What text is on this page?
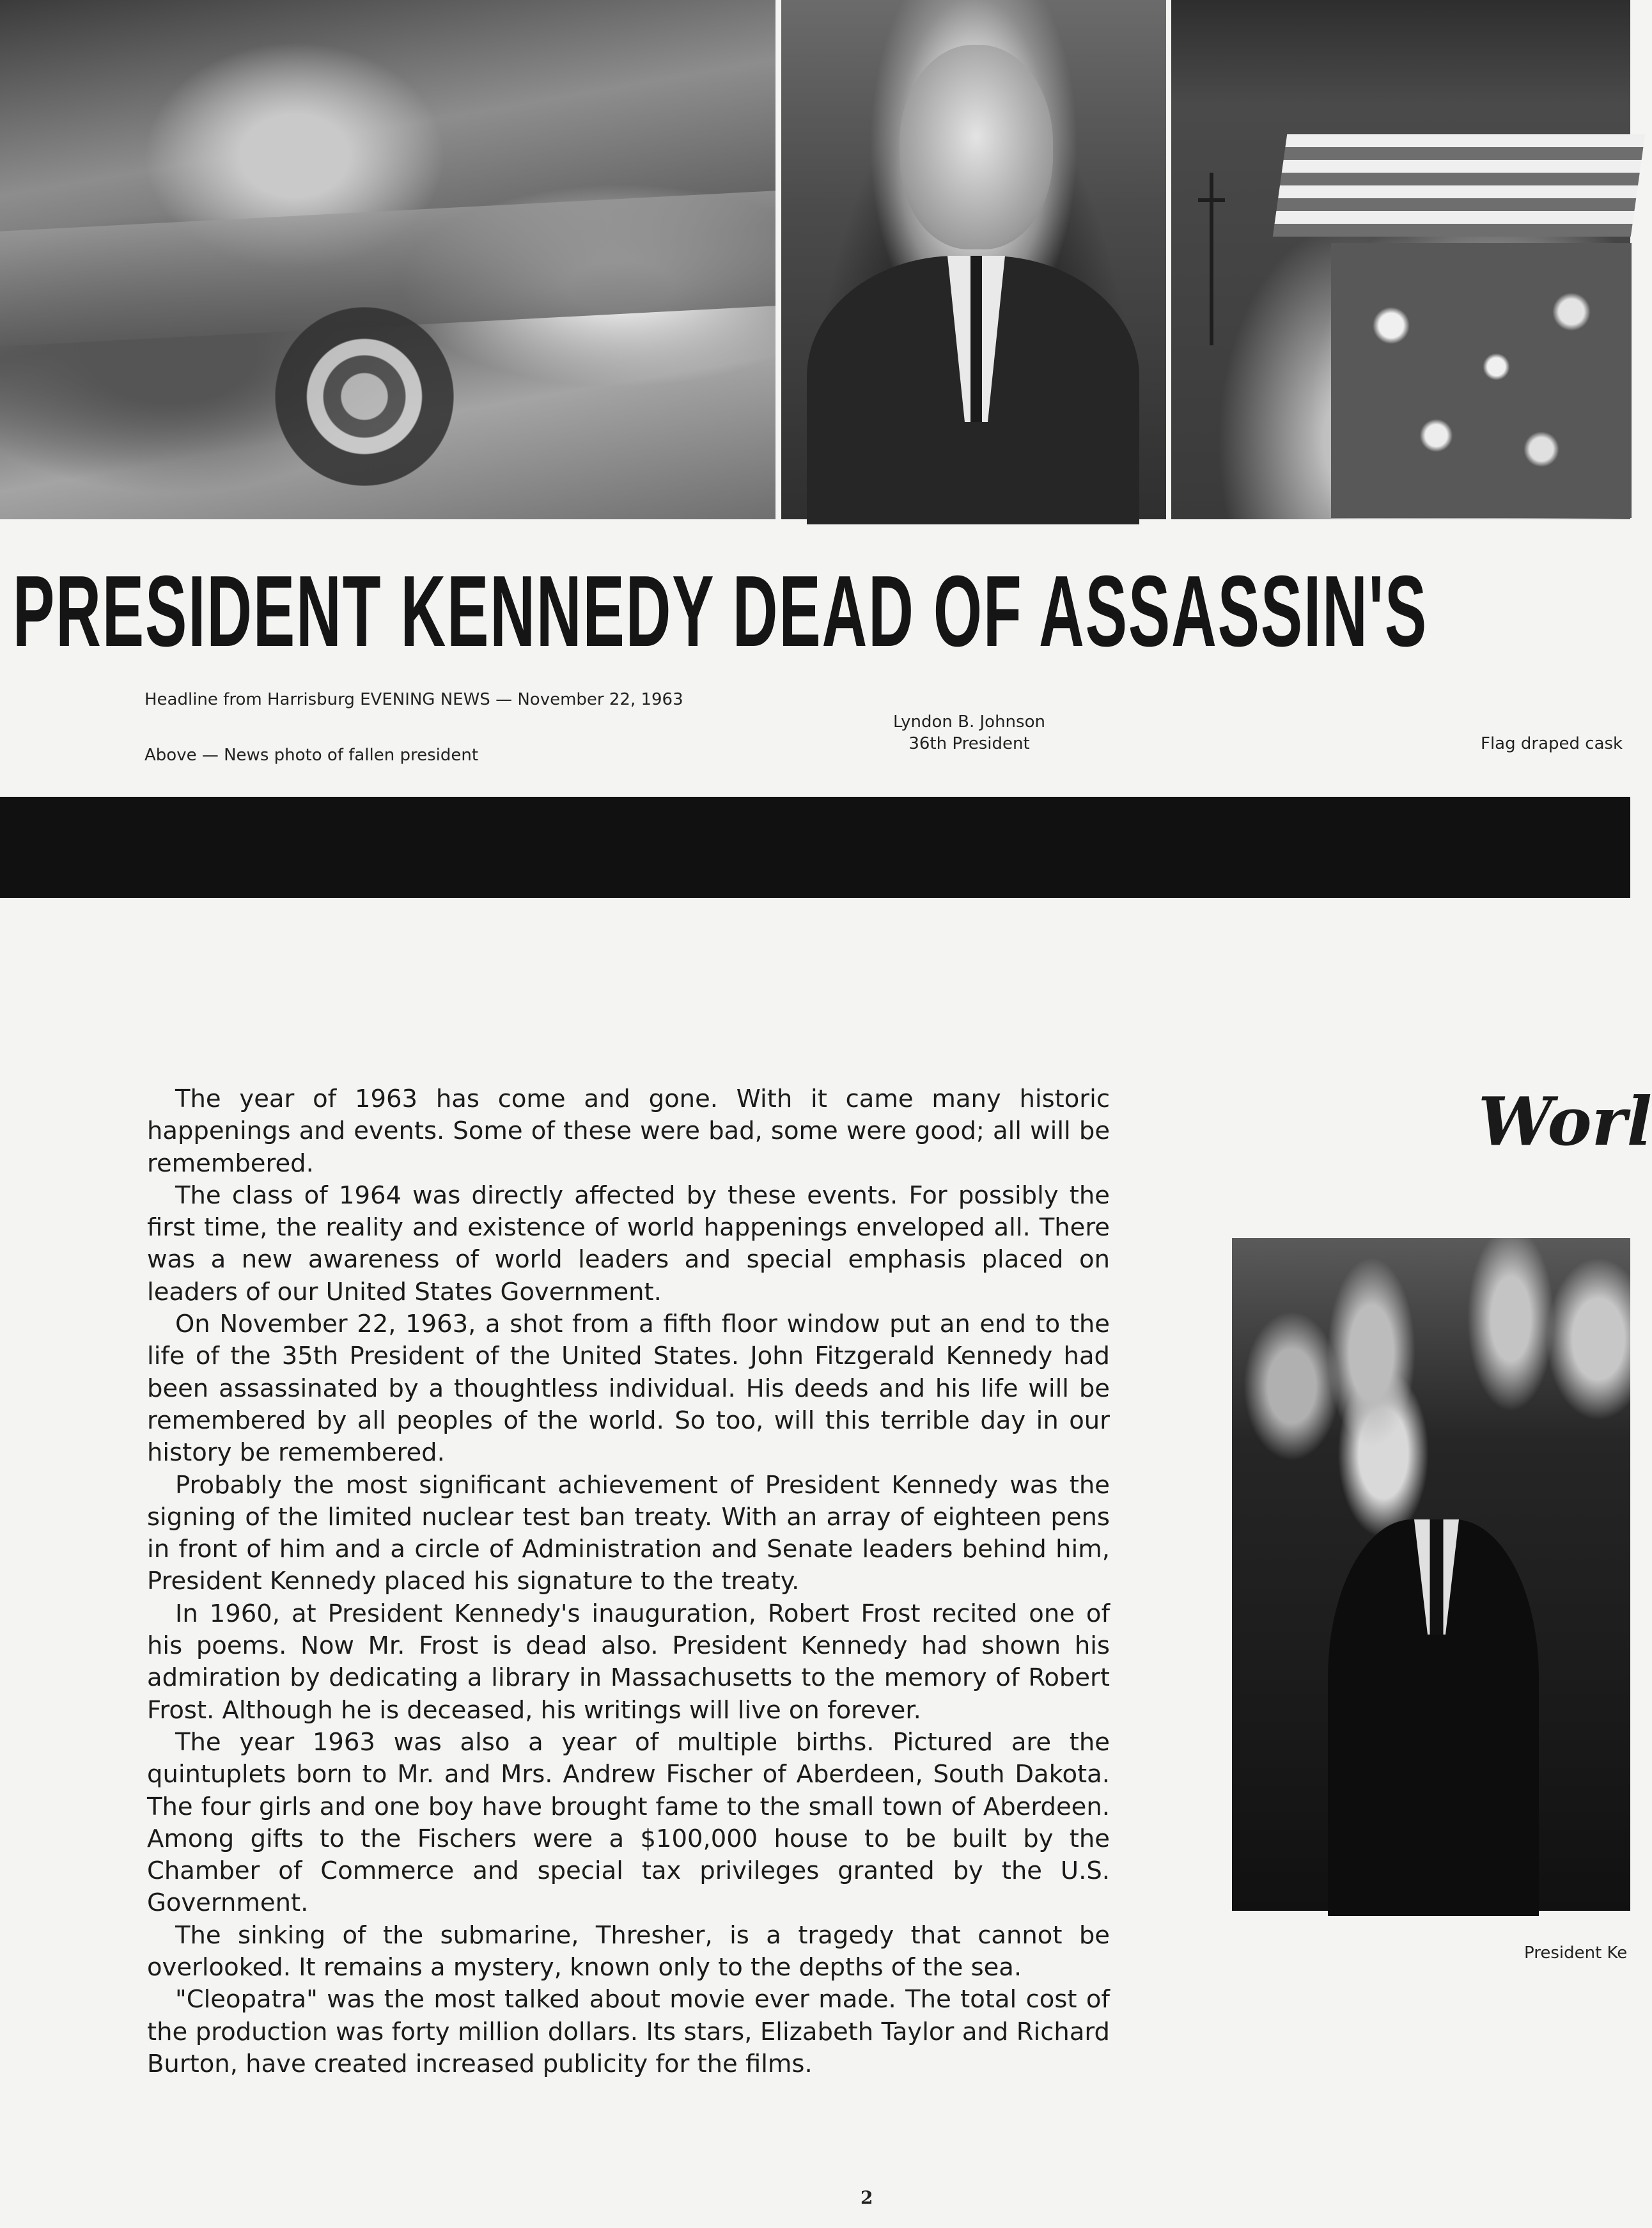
PRESIDENT KENNEDY DEAD OF ASSASSIN'S
Headline from Harrisburg EVENING NEWS — November 22, 1963
Above — News photo of fallen president
Lyndon B. Johnson
36th President	Flag draped cask

The year of 1963 has come and gone. With it came many historic happenings and events. Some of these were bad, some were good; all will be remembered.

The class of 1964 was directly affected by these events. For possibly the first time, the reality and existence of world happenings enveloped all. There was a new awareness of world leaders and special emphasis placed on leaders of our United States Government.

On November 22, 1963, a shot from a fifth floor window put an end to the life of the 35th President of the United States. John Fitzgerald Kennedy had been assassinated by a thoughtless individual. His deeds and his life will be remembered by all peoples of the world. So too, will this terrible day in our history be remembered.

Probably the most significant achievement of President Kennedy was the signing of the limited nuclear test ban treaty. With an array of eighteen pens in front of him and a circle of Administration and Senate leaders behind him, President Kennedy placed his signature to the treaty.

In 1960, at President Kennedy's inauguration, Robert Frost recited one of his poems. Now Mr. Frost is dead also. President Kennedy had shown his admiration by dedicating a library in Massachusetts to the memory of Robert Frost. Although he is deceased, his writings will live on forever.

The year 1963 was also a year of multiple births. Pictured are the quintuplets born to Mr. and Mrs. Andrew Fischer of Aberdeen, South Dakota. The four girls and one boy have brought fame to the small town of Aberdeen. Among gifts to the Fischers were a $100,000 house to be built by the Chamber of Commerce and special tax privileges granted by the U.S. Government.

The sinking of the submarine, Thresher, is a tragedy that cannot be overlooked. It remains a mystery, known only to the depths of the sea.

"Cleopatra" was the most talked about movie ever made. The total cost of the production was forty million dollars. Its stars, Elizabeth Taylor and Richard Burton, have created increased publicity for the films.

Worl
President Ke
2
